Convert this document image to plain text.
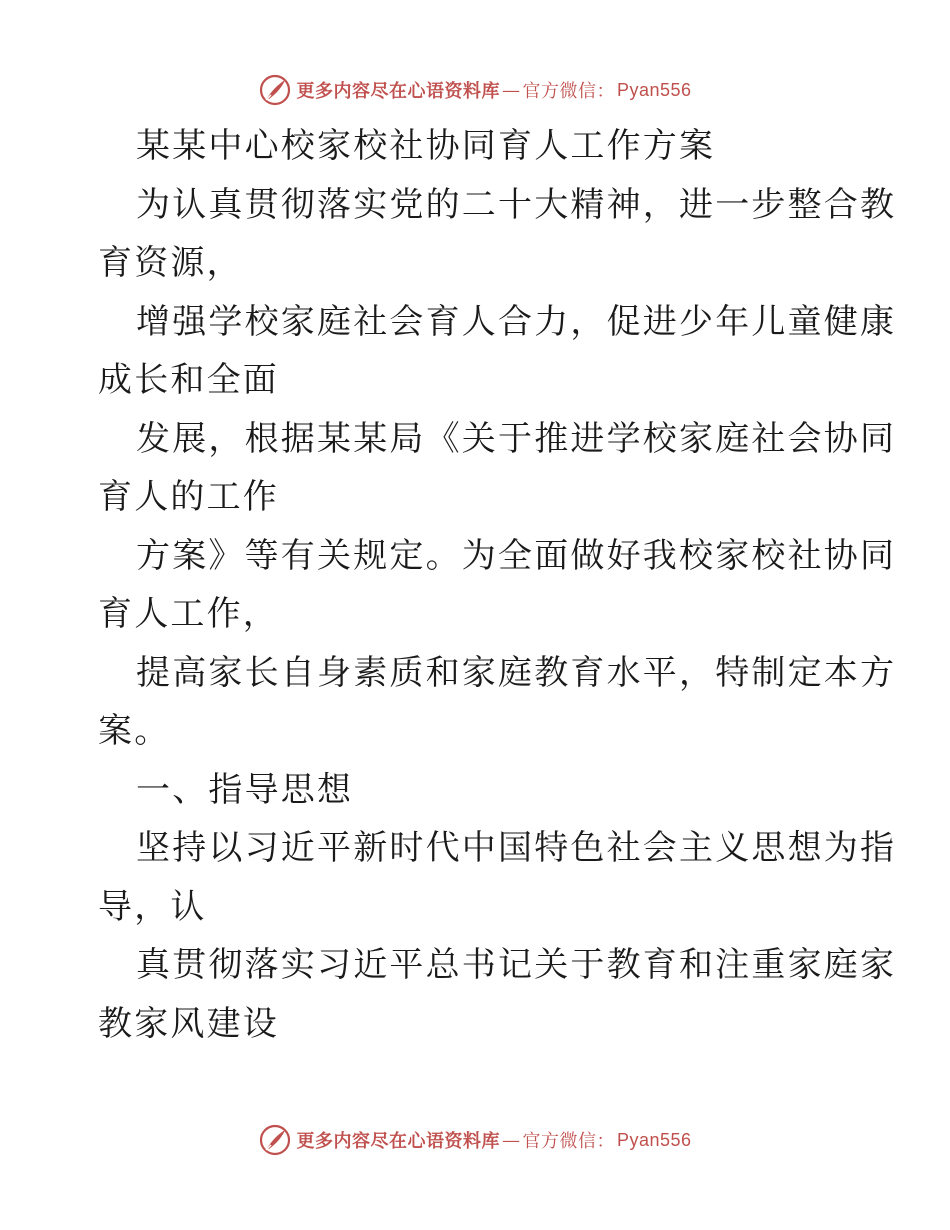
更多内容尽在心语资料库 — 官方微信： Pyan556
某某中心校家校社协同育人工作方案
为认真贯彻落实党的二十大精神，进一步整合教
育资源，
增强学校家庭社会育人合力，促进少年儿童健康
成长和全面
发展，根据某某局《关于推进学校家庭社会协同
育人的工作
方案》等有关规定。为全面做好我校家校社协同
育人工作，
提高家长自身素质和家庭教育水平，特制定本方
案。
一、指导思想
坚持以习近平新时代中国特色社会主义思想为指
导，认
真贯彻落实习近平总书记关于教育和注重家庭家
教家风建设
更多内容尽在心语资料库 — 官方微信： Pyan556
